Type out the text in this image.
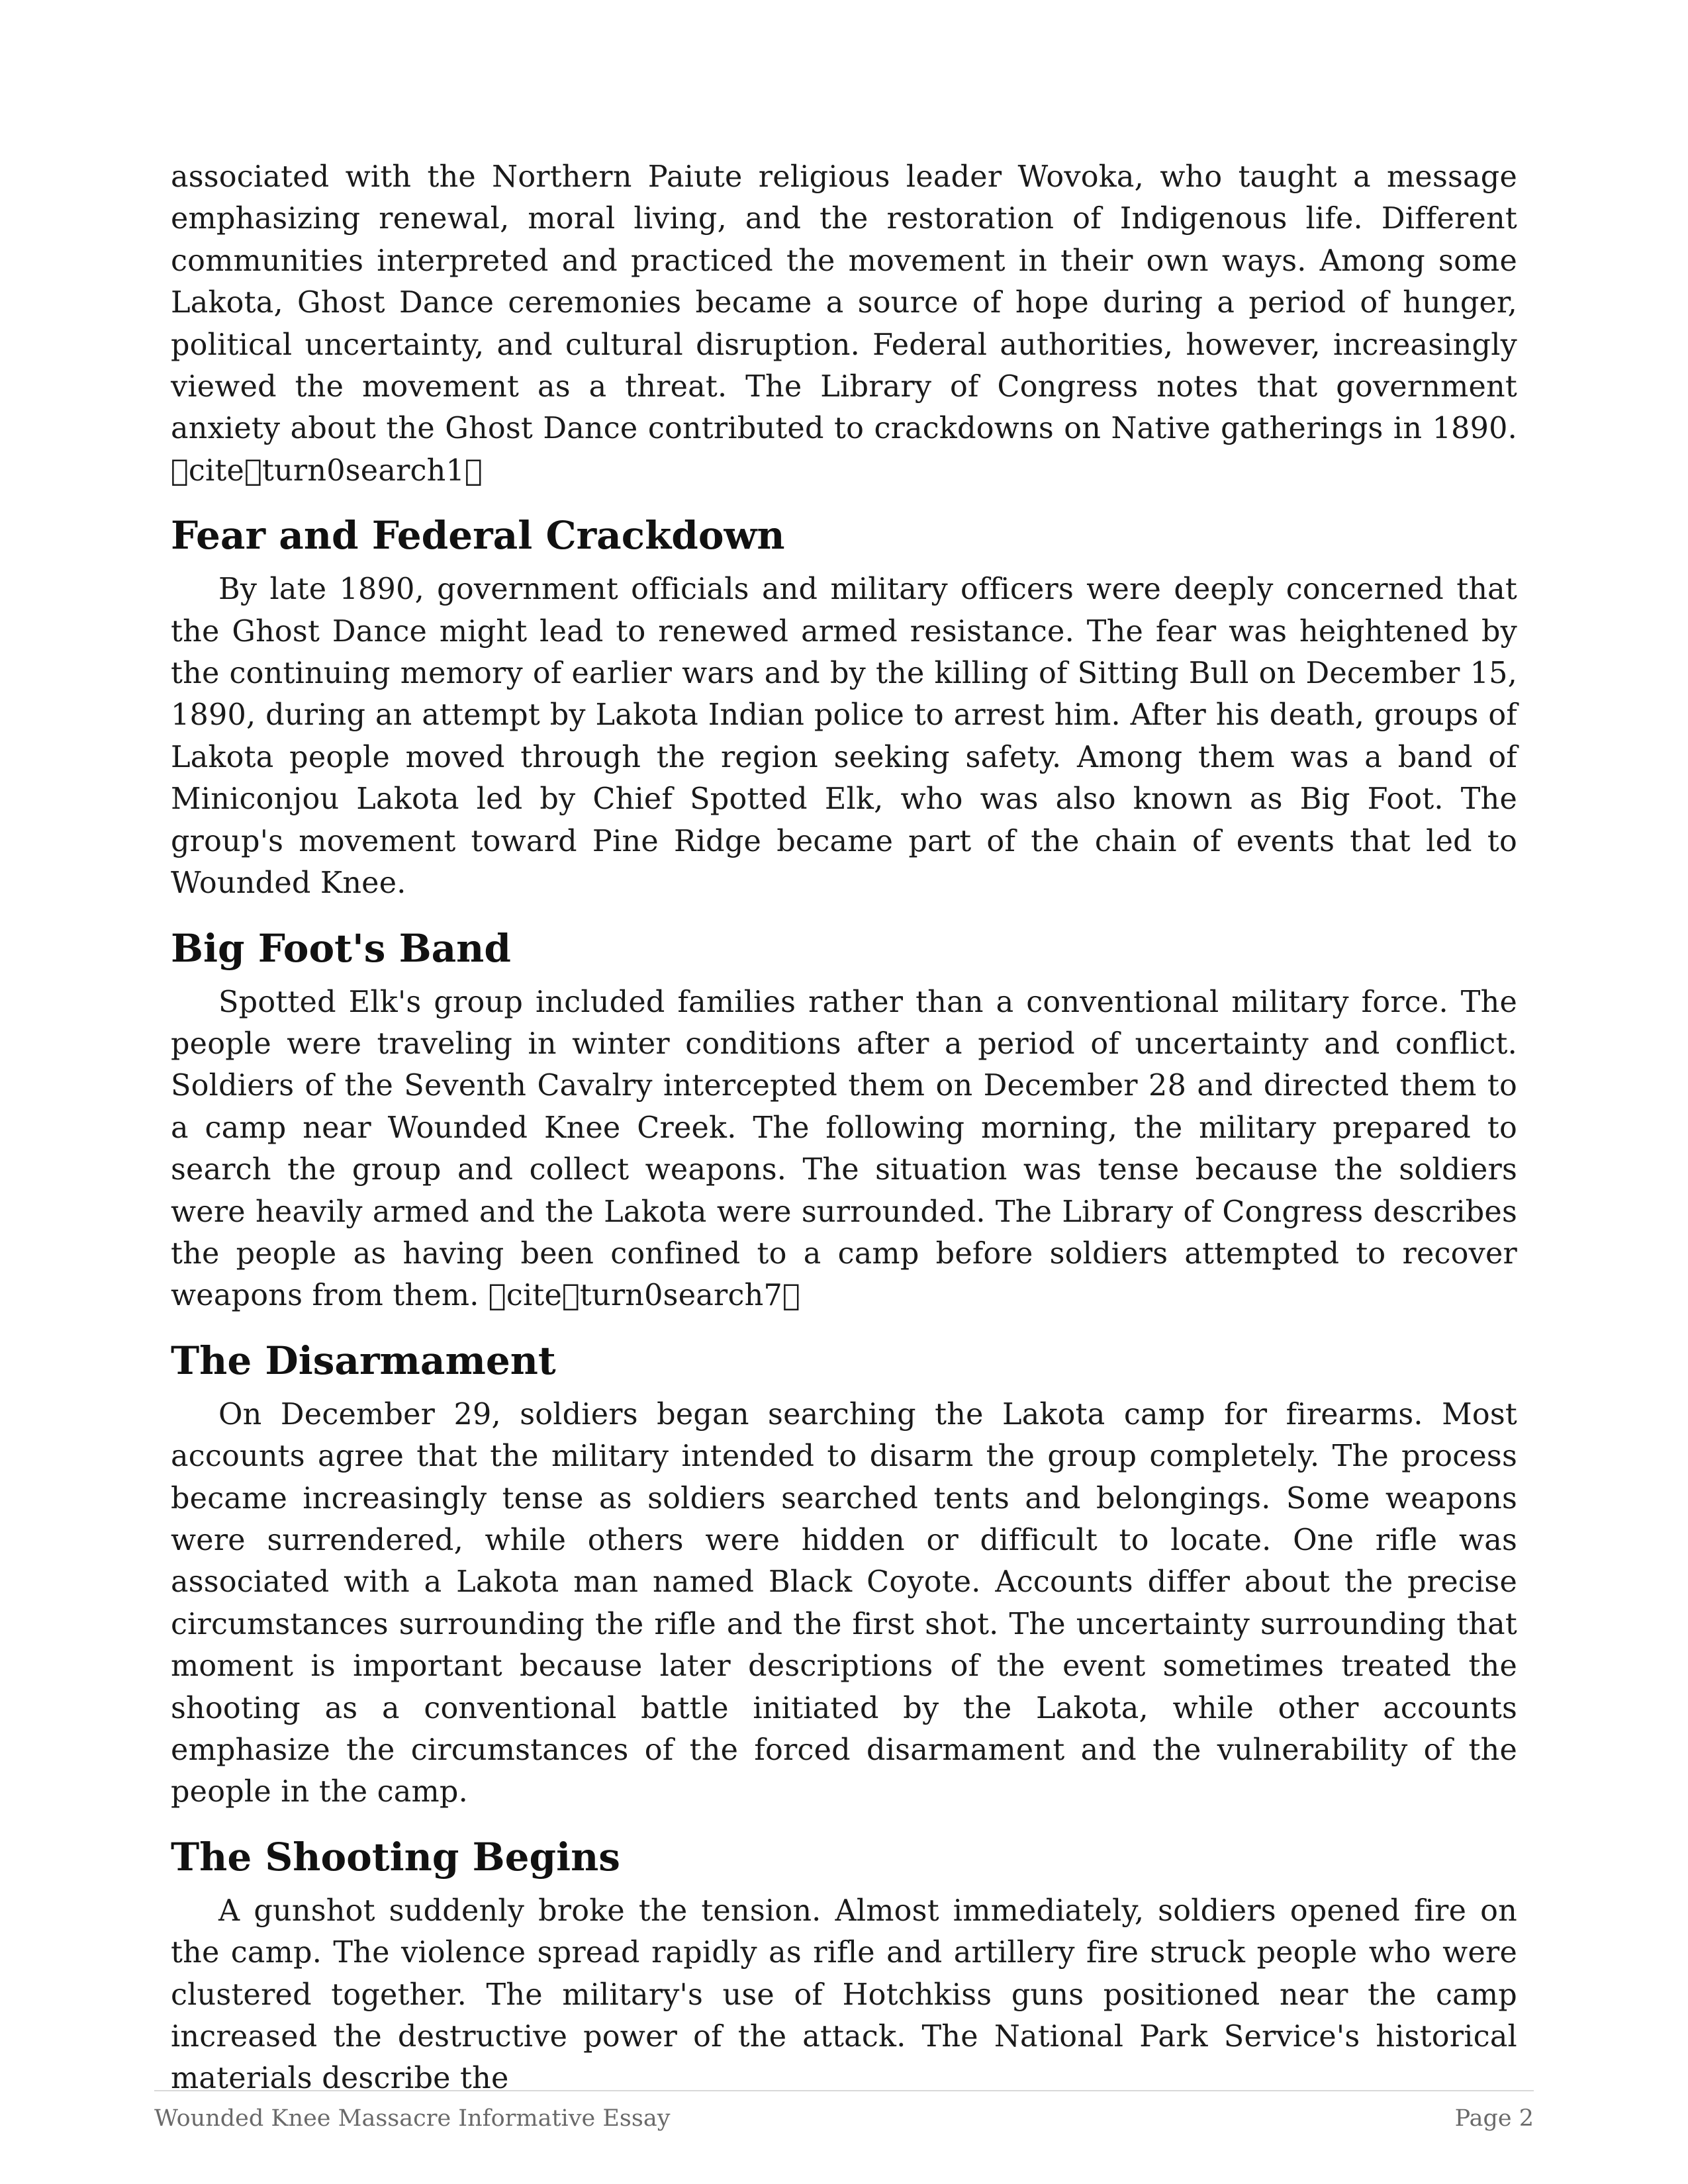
associated with the Northern Paiute religious leader Wovoka, who taught a message emphasizing renewal, moral living, and the restoration of Indigenous life. Different communities interpreted and practiced the movement in their own ways. Among some Lakota, Ghost Dance ceremonies became a source of hope during a period of hunger, political uncertainty, and cultural disruption. Federal authorities, however, increasingly viewed the movement as a threat. The Library of Congress notes that government anxiety about the Ghost Dance contributed to crackdowns on Native gatherings in 1890. cite turn0search1

Fear and Federal Crackdown

By late 1890, government officials and military officers were deeply concerned that the Ghost Dance might lead to renewed armed resistance. The fear was heightened by the continuing memory of earlier wars and by the killing of Sitting Bull on December 15, 1890, during an attempt by Lakota Indian police to arrest him. After his death, groups of Lakota people moved through the region seeking safety. Among them was a band of Miniconjou Lakota led by Chief Spotted Elk, who was also known as Big Foot. The group's movement toward Pine Ridge became part of the chain of events that led to Wounded Knee.

Big Foot's Band

Spotted Elk's group included families rather than a conventional military force. The people were traveling in winter conditions after a period of uncertainty and conflict. Soldiers of the Seventh Cavalry intercepted them on December 28 and directed them to a camp near Wounded Knee Creek. The following morning, the military prepared to search the group and collect weapons. The situation was tense because the soldiers were heavily armed and the Lakota were surrounded. The Library of Congress describes the people as having been confined to a camp before soldiers attempted to recover weapons from them. cite turn0search7

The Disarmament

On December 29, soldiers began searching the Lakota camp for firearms. Most accounts agree that the military intended to disarm the group completely. The process became increasingly tense as soldiers searched tents and belongings. Some weapons were surrendered, while others were hidden or difficult to locate. One rifle was associated with a Lakota man named Black Coyote. Accounts differ about the precise circumstances surrounding the rifle and the first shot. The uncertainty surrounding that moment is important because later descriptions of the event sometimes treated the shooting as a conventional battle initiated by the Lakota, while other accounts emphasize the circumstances of the forced disarmament and the vulnerability of the people in the camp.

The Shooting Begins

A gunshot suddenly broke the tension. Almost immediately, soldiers opened fire on the camp. The violence spread rapidly as rifle and artillery fire struck people who were clustered together. The military's use of Hotchkiss guns positioned near the camp increased the destructive power of the attack. The National Park Service's historical materials describe the

Wounded Knee Massacre Informative Essay	Page 2
